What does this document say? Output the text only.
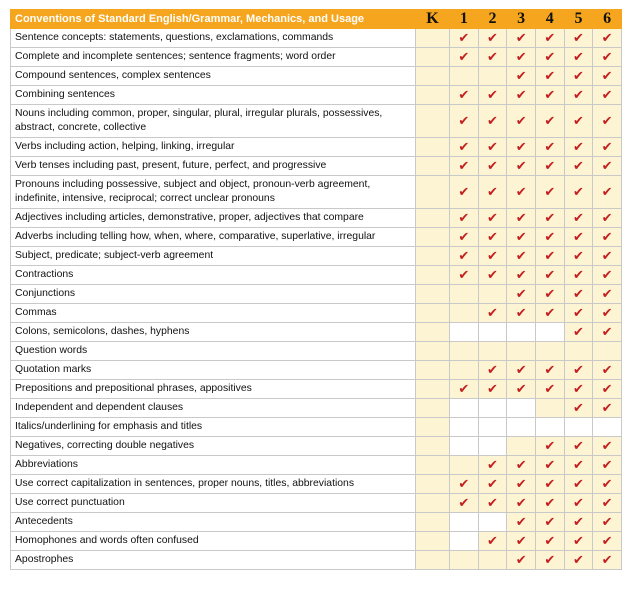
Conventions of Standard English/Grammar, Mechanics, and Usage	K	1	2	3	4	5	6
Sentence concepts: statements, questions, exclamations, commands		✔	✔	✔	✔	✔	✔
Complete and incomplete sentences; sentence fragments; word order		✔	✔	✔	✔	✔	✔
Compound sentences, complex sentences				✔	✔	✔	✔
Combining sentences		✔	✔	✔	✔	✔	✔
Nouns including common, proper, singular, plural, irregular plurals, possessives, abstract, concrete, collective		✔	✔	✔	✔	✔	✔
Verbs including action, helping, linking, irregular		✔	✔	✔	✔	✔	✔
Verb tenses including past, present, future, perfect, and progressive		✔	✔	✔	✔	✔	✔
Pronouns including possessive, subject and object, pronoun-verb agreement, indefinite, intensive, reciprocal; correct unclear pronouns		✔	✔	✔	✔	✔	✔
Adjectives including articles, demonstrative, proper, adjectives that compare		✔	✔	✔	✔	✔	✔
Adverbs including telling how, when, where, comparative, superlative, irregular		✔	✔	✔	✔	✔	✔
Subject, predicate; subject-verb agreement		✔	✔	✔	✔	✔	✔
Contractions		✔	✔	✔	✔	✔	✔
Conjunctions				✔	✔	✔	✔
Commas			✔	✔	✔	✔	✔
Colons, semicolons, dashes, hyphens						✔	✔
Question words							
Quotation marks			✔	✔	✔	✔	✔
Prepositions and prepositional phrases, appositives		✔	✔	✔	✔	✔	✔
Independent and dependent clauses						✔	✔
Italics/underlining for emphasis and titles							
Negatives, correcting double negatives					✔	✔	✔
Abbreviations			✔	✔	✔	✔	✔
Use correct capitalization in sentences, proper nouns, titles, abbreviations		✔	✔	✔	✔	✔	✔
Use correct punctuation		✔	✔	✔	✔	✔	✔
Antecedents				✔	✔	✔	✔
Homophones and words often confused			✔	✔	✔	✔	✔
Apostrophes				✔	✔	✔	✔
